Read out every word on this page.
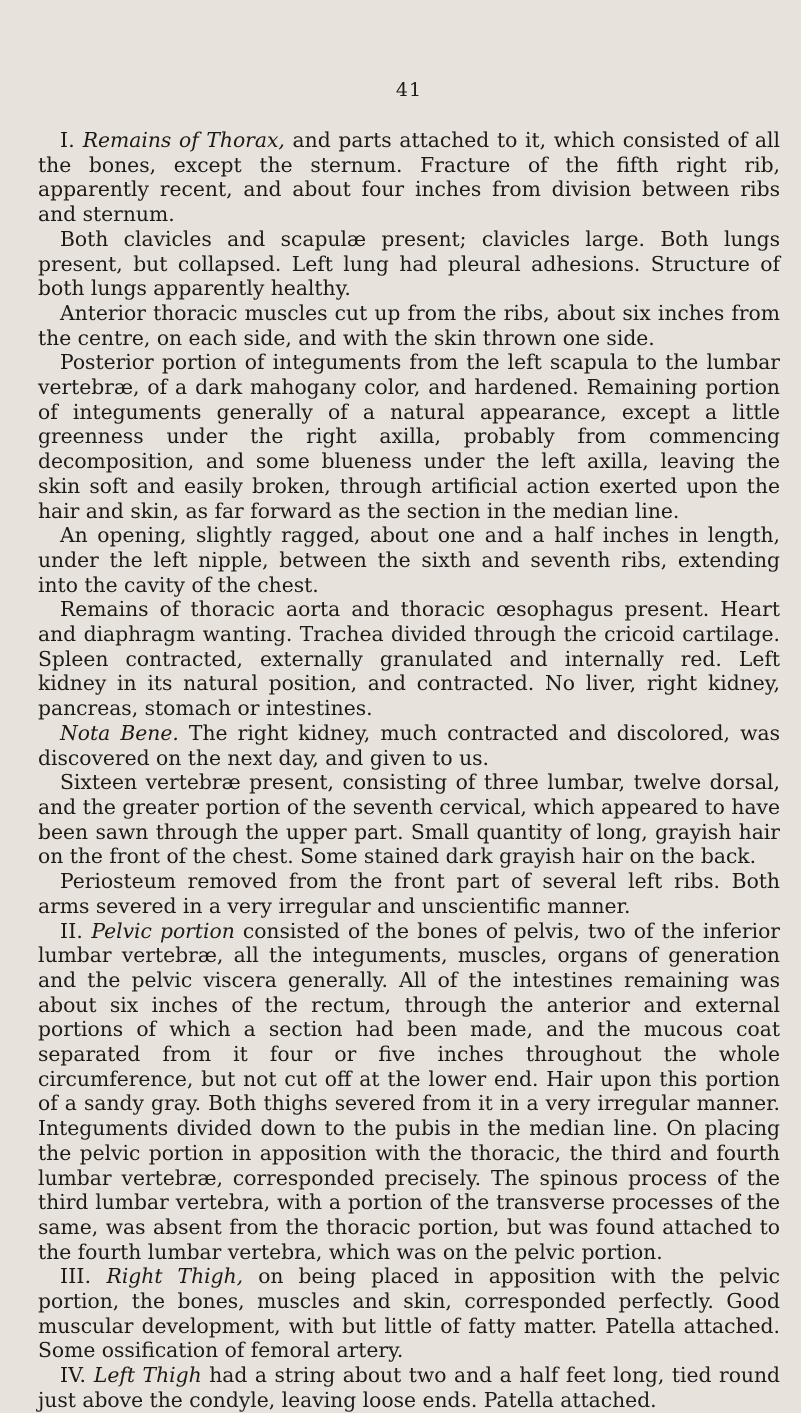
41

I. Remains of Thorax, and parts attached to it, which consisted of all the bones, except the sternum. Fracture of the fifth right rib, apparently recent, and about four inches from division between ribs and sternum.

Both clavicles and scapulæ present; clavicles large. Both lungs present, but collapsed. Left lung had pleural adhesions. Structure of both lungs apparently healthy.

Anterior thoracic muscles cut up from the ribs, about six inches from the centre, on each side, and with the skin thrown one side.

Posterior portion of integuments from the left scapula to the lumbar vertebræ, of a dark mahogany color, and hardened. Remaining portion of integuments generally of a natural appearance, except a little greenness under the right axilla, probably from commencing decomposition, and some blueness under the left axilla, leaving the skin soft and easily broken, through artificial action exerted upon the hair and skin, as far forward as the section in the median line.

An opening, slightly ragged, about one and a half inches in length, under the left nipple, between the sixth and seventh ribs, extending into the cavity of the chest.

Remains of thoracic aorta and thoracic œsophagus present. Heart and diaphragm wanting. Trachea divided through the cricoid cartilage. Spleen contracted, externally granulated and internally red. Left kidney in its natural position, and contracted. No liver, right kidney, pancreas, stomach or intestines.

Nota Bene. The right kidney, much contracted and discolored, was discovered on the next day, and given to us.

Sixteen vertebræ present, consisting of three lumbar, twelve dorsal, and the greater portion of the seventh cervical, which appeared to have been sawn through the upper part. Small quantity of long, grayish hair on the front of the chest. Some stained dark grayish hair on the back.

Periosteum removed from the front part of several left ribs. Both arms severed in a very irregular and unscientific manner.

II. Pelvic portion consisted of the bones of pelvis, two of the inferior lumbar vertebræ, all the integuments, muscles, organs of generation and the pelvic viscera generally. All of the intestines remaining was about six inches of the rectum, through the anterior and external portions of which a section had been made, and the mucous coat separated from it four or five inches throughout the whole circumference, but not cut off at the lower end. Hair upon this portion of a sandy gray. Both thighs severed from it in a very irregular manner. Integuments divided down to the pubis in the median line. On placing the pelvic portion in apposition with the thoracic, the third and fourth lumbar vertebræ, corresponded precisely. The spinous process of the third lumbar vertebra, with a portion of the transverse processes of the same, was absent from the thoracic portion, but was found attached to the fourth lumbar vertebra, which was on the pelvic portion.

III. Right Thigh, on being placed in apposition with the pelvic portion, the bones, muscles and skin, corresponded perfectly. Good muscular development, with but little of fatty matter. Patella attached. Some ossification of femoral artery.

IV. Left Thigh had a string about two and a half feet long, tied round just above the condyle, leaving loose ends. Patella attached.
